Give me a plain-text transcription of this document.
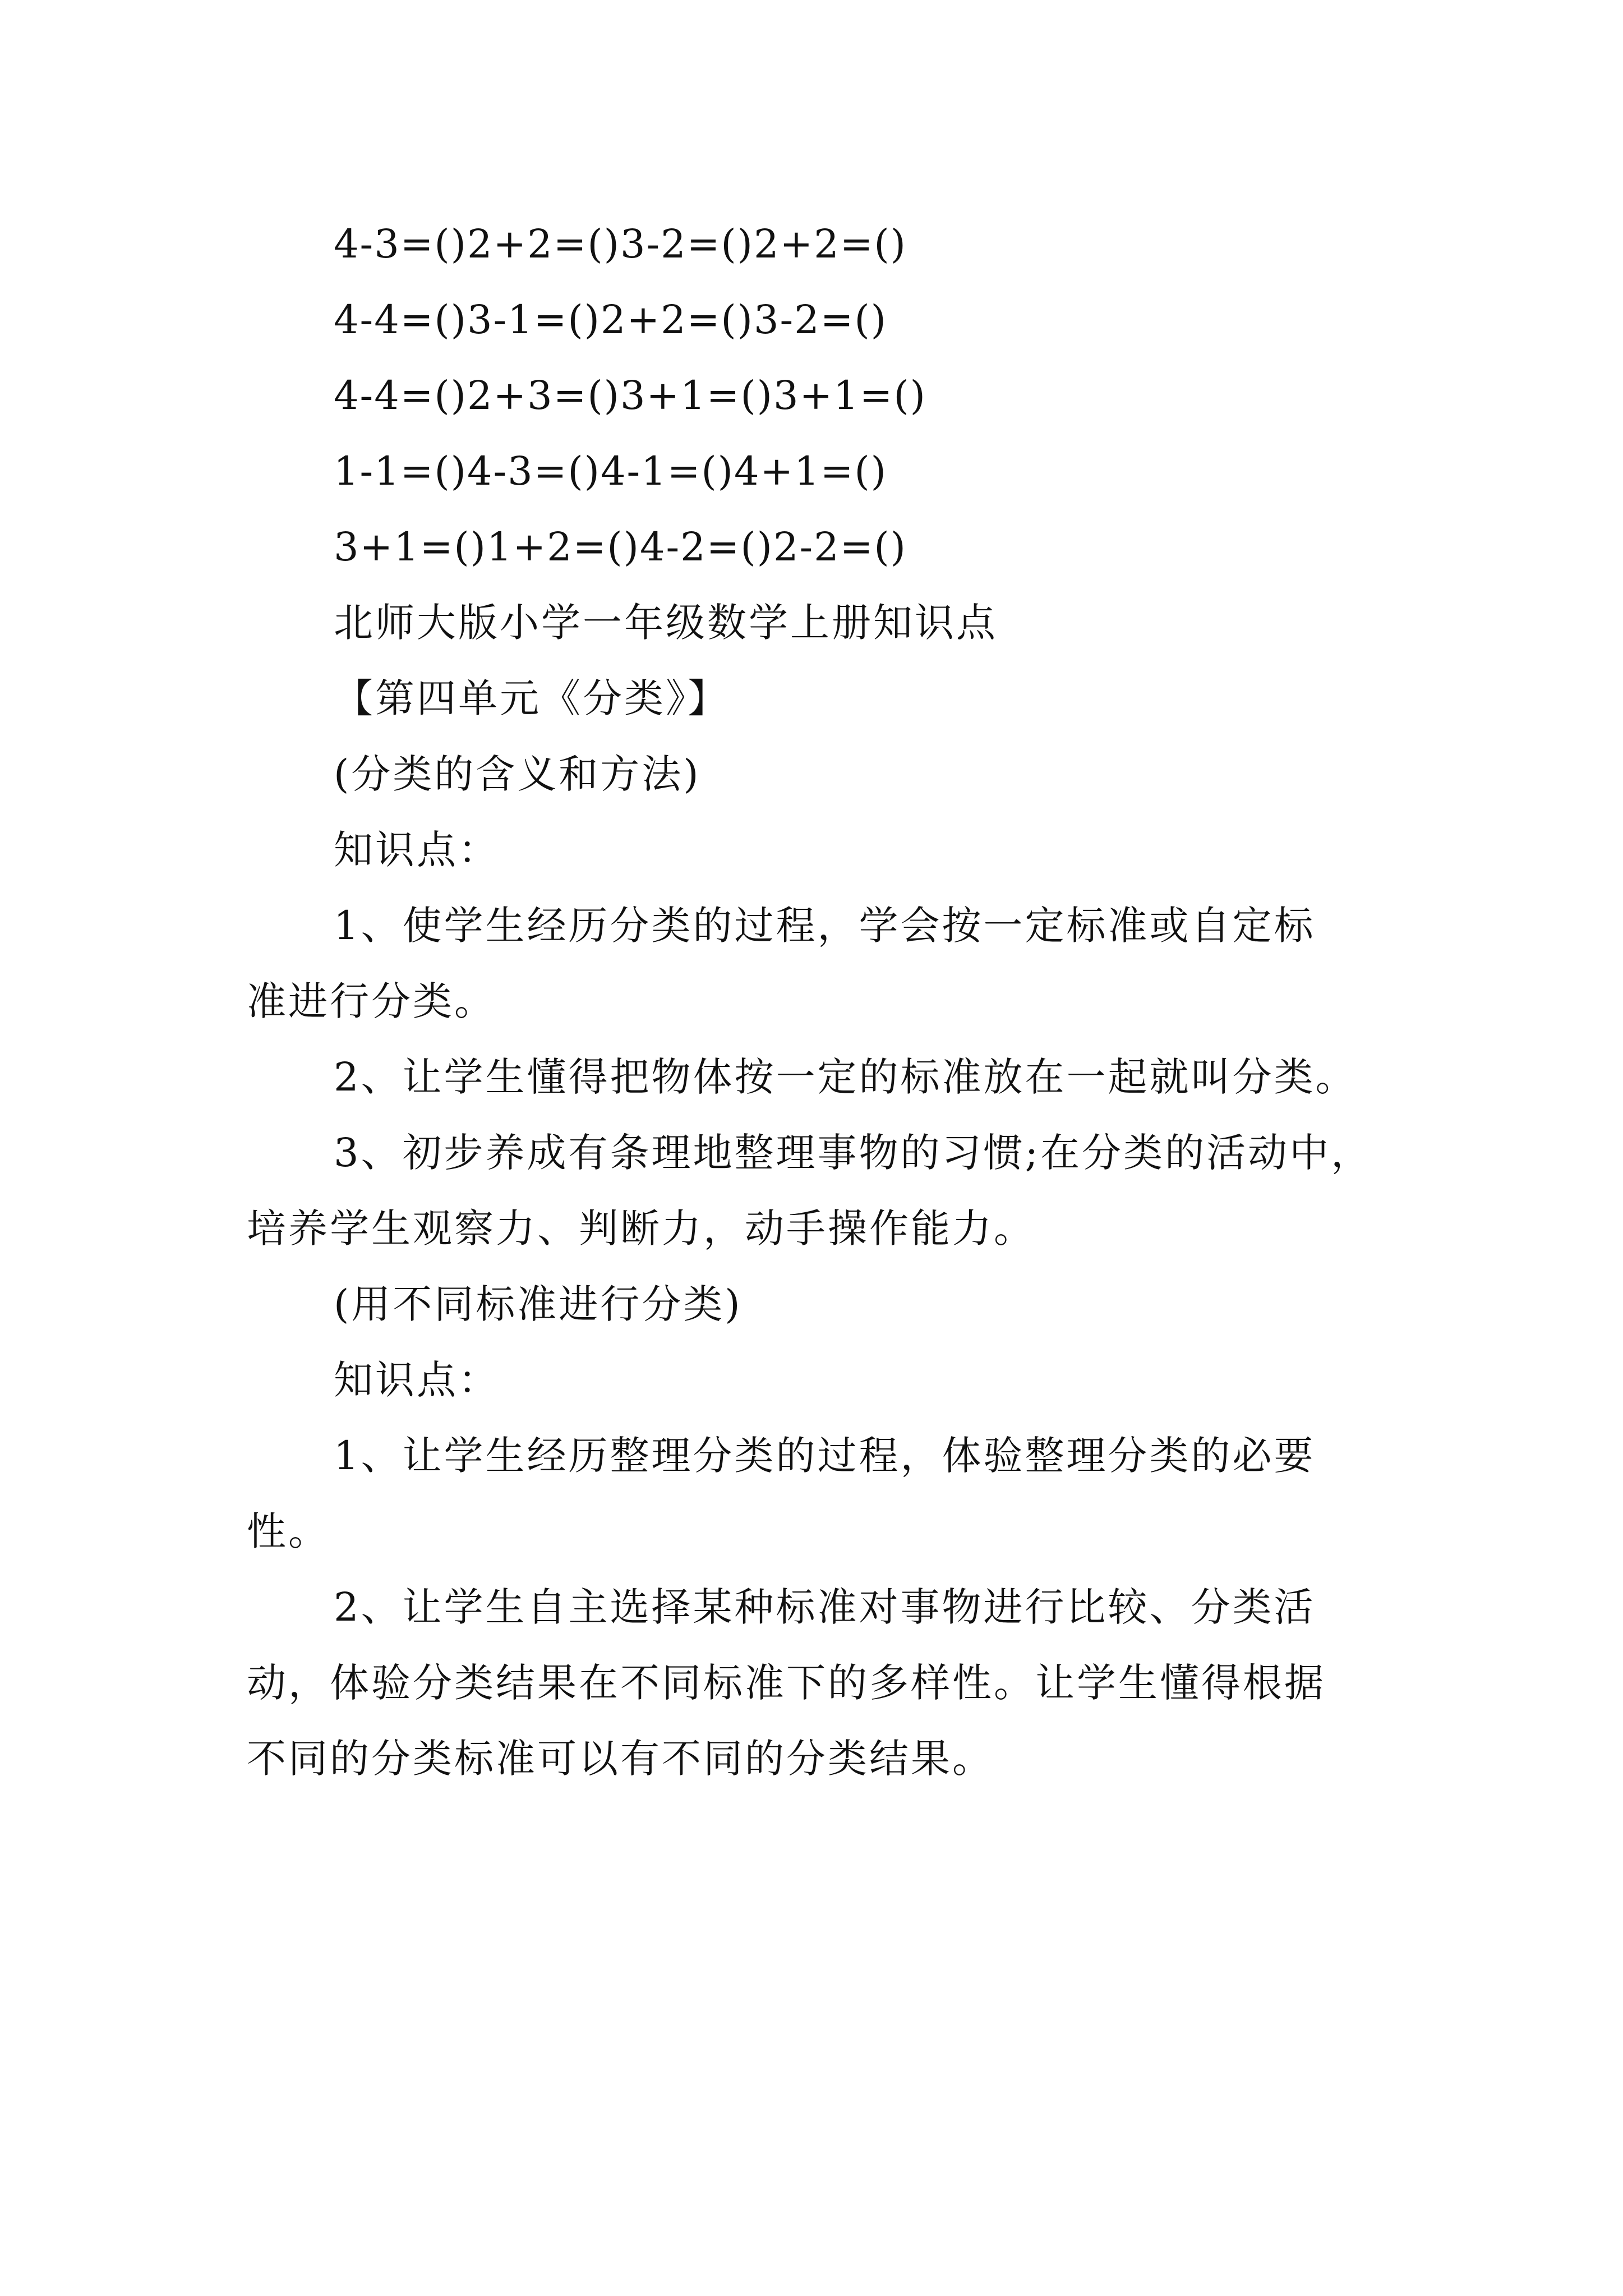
4-3=()2+2=()3-2=()2+2=()
4-4=()3-1=()2+2=()3-2=()
4-4=()2+3=()3+1=()3+1=()
1-1=()4-3=()4-1=()4+1=()
3+1=()1+2=()4-2=()2-2=()
北师大版小学一年级数学上册知识点
【第四单元《分类》】
(分类的含义和方法)
知识点：
1、使学生经历分类的过程，学会按一定标准或自定标
准进行分类。
2、让学生懂得把物体按一定的标准放在一起就叫分类。
3、初步养成有条理地整理事物的习惯;在分类的活动中，
培养学生观察力、判断力，动手操作能力。
(用不同标准进行分类)
知识点：
1、让学生经历整理分类的过程，体验整理分类的必要
性。
2、让学生自主选择某种标准对事物进行比较、分类活
动，体验分类结果在不同标准下的多样性。让学生懂得根据
不同的分类标准可以有不同的分类结果。
